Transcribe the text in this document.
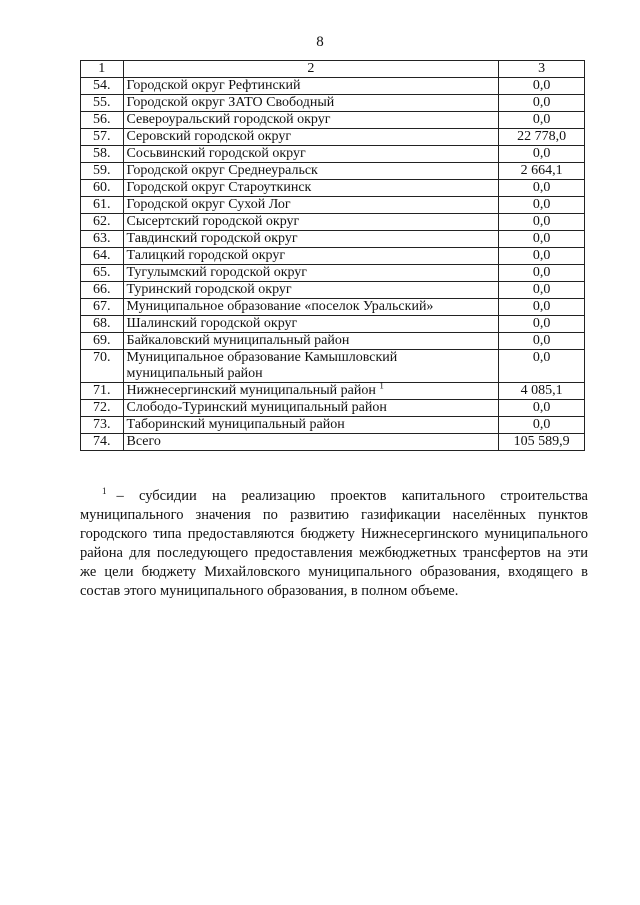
8
1	2	3
54.	Городской округ Рефтинский	0,0
55.	Городской округ ЗАТО Свободный	0,0
56.	Североуральский городской округ	0,0
57.	Серовский городской округ	22 778,0
58.	Сосьвинский городской округ	0,0
59.	Городской округ Среднеуральск	2 664,1
60.	Городской округ Староуткинск	0,0
61.	Городской округ Сухой Лог	0,0
62.	Сысертский городской округ	0,0
63.	Тавдинский городской округ	0,0
64.	Талицкий городской округ	0,0
65.	Тугулымский городской округ	0,0
66.	Туринский городской округ	0,0
67.	Муниципальное образование «поселок Уральский»	0,0
68.	Шалинский городской округ	0,0
69.	Байкаловский муниципальный район	0,0
70.	Муниципальное образование Камышловский муниципальный район	0,0
71.	Нижнесергинский муниципальный район $^1$	4 085,1
72.	Слободо-Туринский муниципальный район	0,0
73.	Таборинский муниципальный район	0,0
74.	Всего	105 589,9
$^1$ – субсидии на реализацию проектов капитального строительства муниципального значения по развитию газификации населённых пунктов городского типа предоставляются бюджету Нижнесергинского муниципального района для последующего предоставления межбюджетных трансфертов на эти же цели бюджету Михайловского муниципального образования, входящего в состав этого муниципального образования, в полном объеме.
